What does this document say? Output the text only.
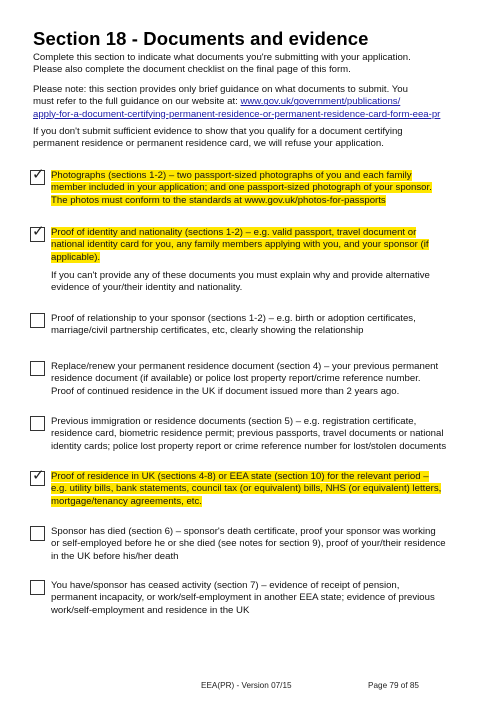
Section 18 - Documents and evidence

Complete this section to indicate what documents you're submitting with your application.
Please also complete the document checklist on the final page of this form.

Please note: this section provides only brief guidance on what documents to submit. You
must refer to the full guidance on our website at: www.gov.uk/government/publications/
apply-for-a-document-certifying-permanent-residence-or-permanent-residence-card-form-eea-pr

If you don't submit sufficient evidence to show that you qualify for a document certifying
permanent residence or permanent residence card, we will refuse your application.

✓ Photographs (sections 1-2) – two passport-sized photographs of you and each family
member included in your application; and one passport-sized photograph of your sponsor.
The photos must conform to the standards at www.gov.uk/photos-for-passports

✓ Proof of identity and nationality (sections 1-2) – e.g. valid passport, travel document or
national identity card for you, any family members applying with you, and your sponsor (if
applicable).

If you can't provide any of these documents you must explain why and provide alternative
evidence of your/their identity and nationality.

Proof of relationship to your sponsor (sections 1-2) – e.g. birth or adoption certificates,
marriage/civil partnership certificates, etc, clearly showing the relationship

Replace/renew your permanent residence document (section 4) – your previous permanent
residence document (if available) or police lost property report/crime reference number.
Proof of continued residence in the UK if document issued more than 2 years ago.

Previous immigration or residence documents (section 5) – e.g. registration certificate,
residence card, biometric residence permit; previous passports, travel documents or national
identity cards; police lost property report or crime reference number for lost/stolen documents

✓ Proof of residence in UK (sections 4-8) or EEA state (section 10) for the relevant period –
e.g. utility bills, bank statements, council tax (or equivalent) bills, NHS (or equivalent) letters,
mortgage/tenancy agreements, etc.

Sponsor has died (section 6) – sponsor's death certificate, proof your sponsor was working
or self-employed before he or she died (see notes for section 9), proof of your/their residence
in the UK before his/her death

You have/sponsor has ceased activity (section 7) – evidence of receipt of pension,
permanent incapacity, or work/self-employment in another EEA state; evidence of previous
work/self-employment and residence in the UK

EEA(PR) - Version 07/15	Page 79 of 85
